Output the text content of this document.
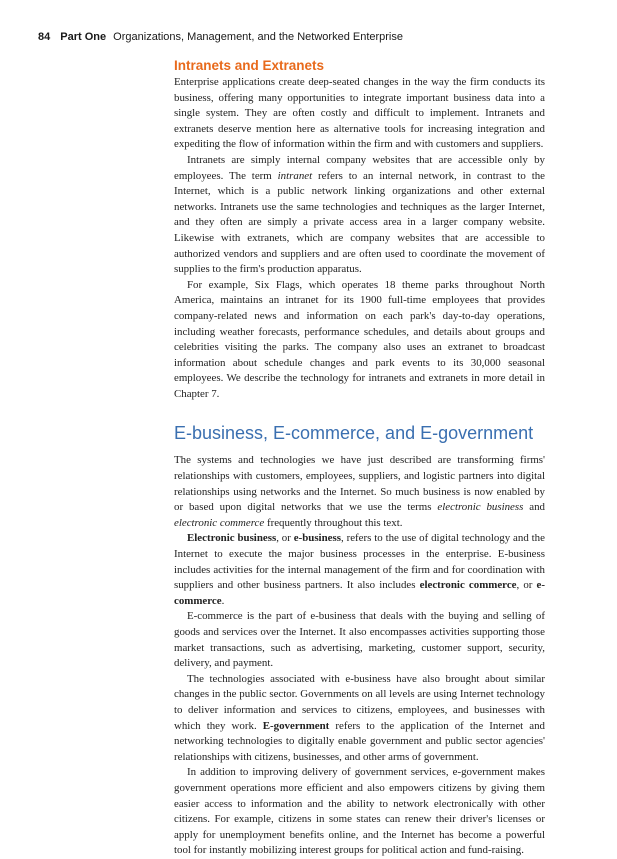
84 Part One Organizations, Management, and the Networked Enterprise
Intranets and Extranets

Enterprise applications create deep-seated changes in the way the firm conducts its business, offering many opportunities to integrate important business data into a single system. They are often costly and difficult to implement. Intranets and extranets deserve mention here as alternative tools for increasing integration and expediting the flow of information within the firm and with customers and suppliers.

Intranets are simply internal company websites that are accessible only by employees. The term intranet refers to an internal network, in contrast to the Internet, which is a public network linking organizations and other external networks. Intranets use the same technologies and techniques as the larger Internet, and they often are simply a private access area in a larger company website. Likewise with extranets, which are company websites that are accessible to authorized vendors and suppliers and are often used to coordinate the movement of supplies to the firm's production apparatus.

For example, Six Flags, which operates 18 theme parks throughout North America, maintains an intranet for its 1900 full-time employees that provides company-related news and information on each park's day-to-day operations, including weather forecasts, performance schedules, and details about groups and celebrities visiting the parks. The company also uses an extranet to broadcast information about schedule changes and park events to its 30,000 seasonal employees. We describe the technology for intranets and extranets in more detail in Chapter 7.

E-business, E-commerce, and E-government

The systems and technologies we have just described are transforming firms' relationships with customers, employees, suppliers, and logistic partners into digital relationships using networks and the Internet. So much business is now enabled by or based upon digital networks that we use the terms electronic business and electronic commerce frequently throughout this text.

Electronic business, or e-business, refers to the use of digital technology and the Internet to execute the major business processes in the enterprise. E-business includes activities for the internal management of the firm and for coordination with suppliers and other business partners. It also includes electronic commerce, or e-commerce.

E-commerce is the part of e-business that deals with the buying and selling of goods and services over the Internet. It also encompasses activities supporting those market transactions, such as advertising, marketing, customer support, security, delivery, and payment.

The technologies associated with e-business have also brought about similar changes in the public sector. Governments on all levels are using Internet technology to deliver information and services to citizens, employees, and businesses with which they work. E-government refers to the application of the Internet and networking technologies to digitally enable government and public sector agencies' relationships with citizens, businesses, and other arms of government.

In addition to improving delivery of government services, e-government makes government operations more efficient and also empowers citizens by giving them easier access to information and the ability to network electronically with other citizens. For example, citizens in some states can renew their driver's licenses or apply for unemployment benefits online, and the Internet has become a powerful tool for instantly mobilizing interest groups for political action and fund-raising.
